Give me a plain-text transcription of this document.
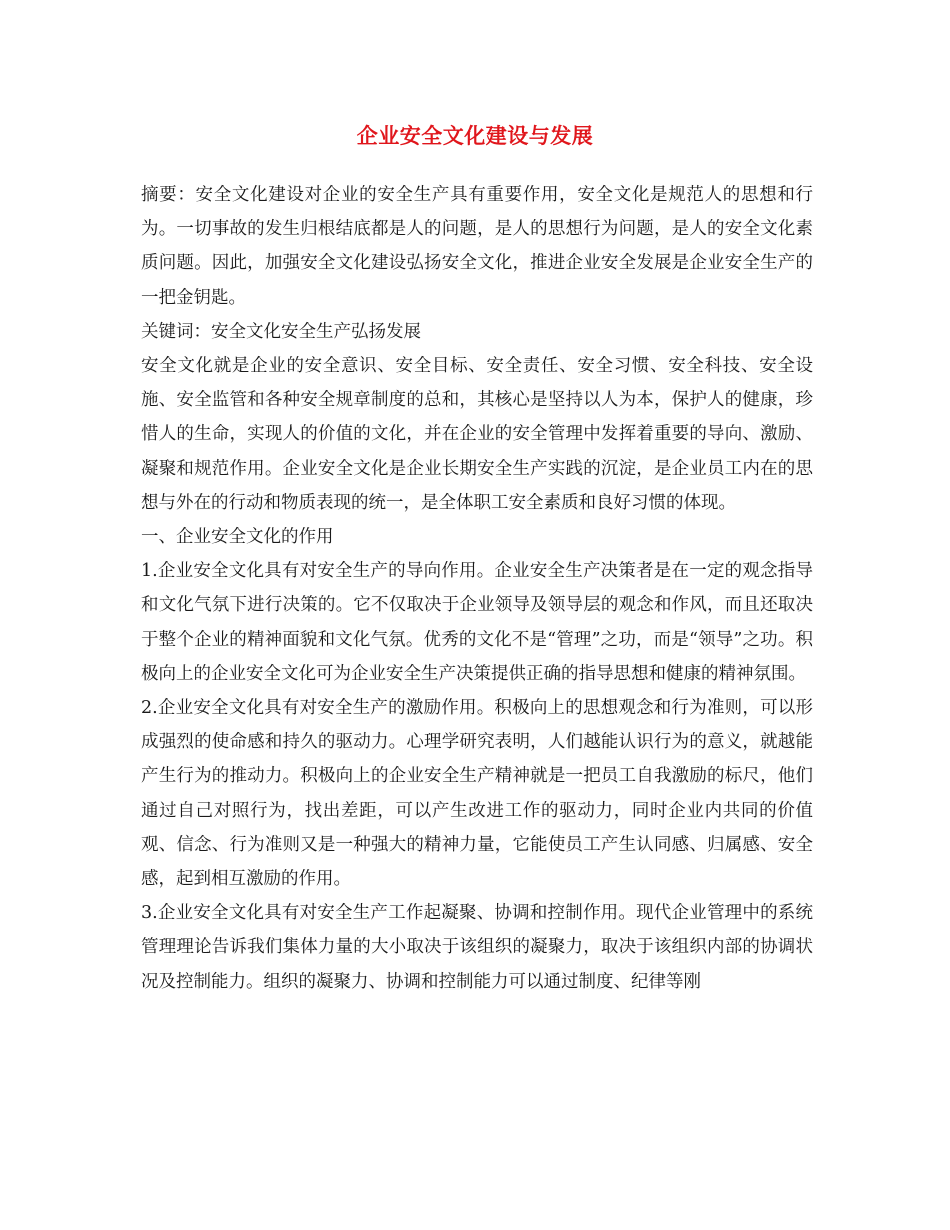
企业安全文化建设与发展

摘要：安全文化建设对企业的安全生产具有重要作用，安全文化是规范人的思想和行为。一切事故的发生归根结底都是人的问题，是人的思想行为问题，是人的安全文化素质问题。因此，加强安全文化建设弘扬安全文化，推进企业安全发展是企业安全生产的一把金钥匙。

关键词：安全文化安全生产弘扬发展

安全文化就是企业的安全意识、安全目标、安全责任、安全习惯、安全科技、安全设施、安全监管和各种安全规章制度的总和，其核心是坚持以人为本，保护人的健康，珍惜人的生命，实现人的价值的文化，并在企业的安全管理中发挥着重要的导向、激励、凝聚和规范作用。企业安全文化是企业长期安全生产实践的沉淀，是企业员工内在的思想与外在的行动和物质表现的统一，是全体职工安全素质和良好习惯的体现。

一、企业安全文化的作用

1.企业安全文化具有对安全生产的导向作用。企业安全生产决策者是在一定的观念指导和文化气氛下进行决策的。它不仅取决于企业领导及领导层的观念和作风，而且还取决于整个企业的精神面貌和文化气氛。优秀的文化不是“管理”之功，而是“领导”之功。积极向上的企业安全文化可为企业安全生产决策提供正确的指导思想和健康的精神氛围。

2.企业安全文化具有对安全生产的激励作用。积极向上的思想观念和行为准则，可以形成强烈的使命感和持久的驱动力。心理学研究表明，人们越能认识行为的意义，就越能产生行为的推动力。积极向上的企业安全生产精神就是一把员工自我激励的标尺，他们通过自己对照行为，找出差距，可以产生改进工作的驱动力，同时企业内共同的价值观、信念、行为准则又是一种强大的精神力量，它能使员工产生认同感、归属感、安全感，起到相互激励的作用。

3.企业安全文化具有对安全生产工作起凝聚、协调和控制作用。现代企业管理中的系统管理理论告诉我们集体力量的大小取决于该组织的凝聚力，取决于该组织内部的协调状况及控制能力。组织的凝聚力、协调和控制能力可以通过制度、纪律等刚
